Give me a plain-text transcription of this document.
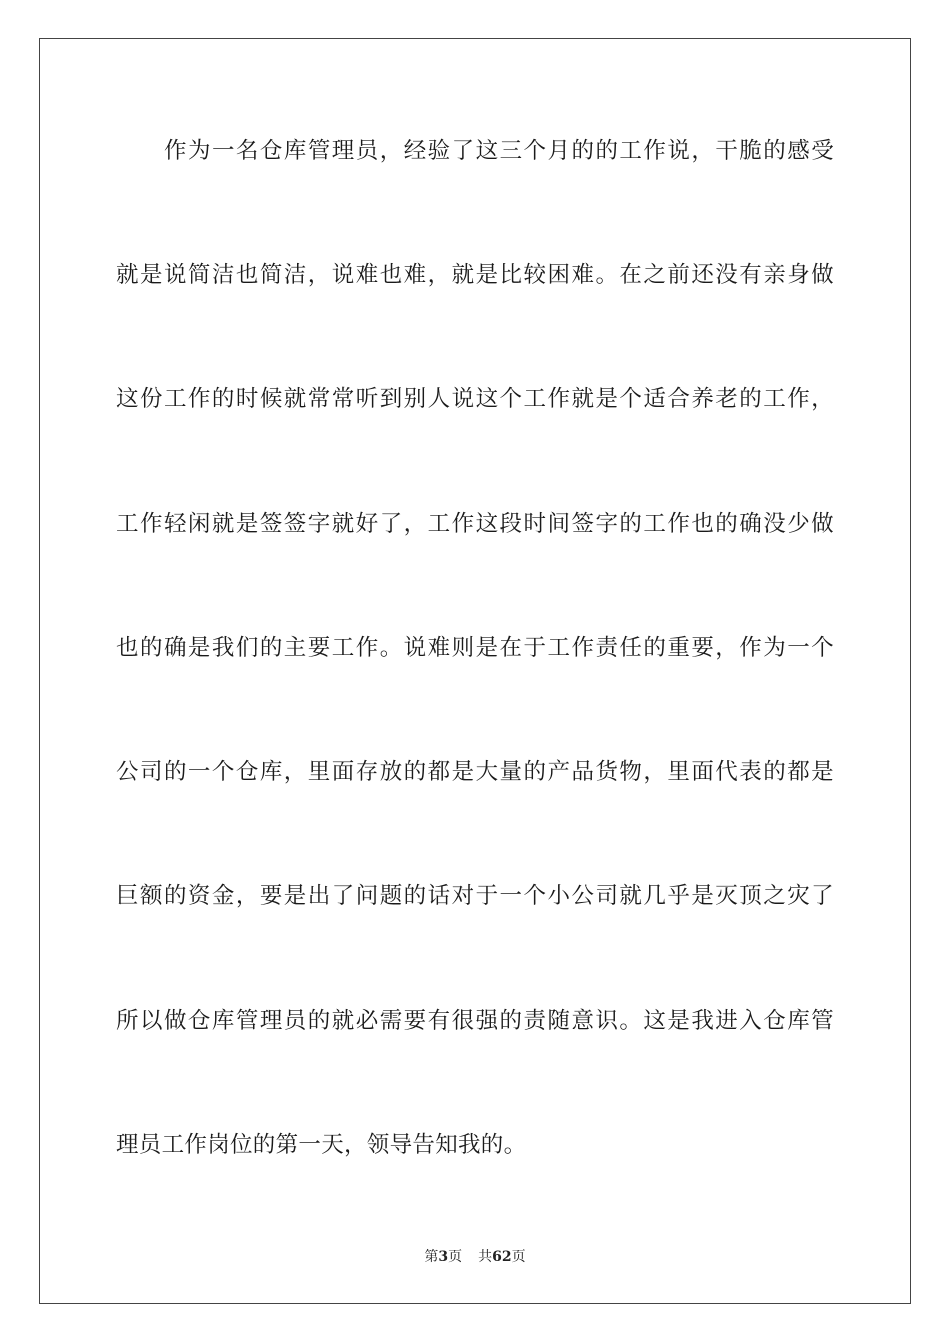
作为一名仓库管理员，经验了这三个月的的工作说，干脆的感受
就是说简洁也简洁，说难也难，就是比较困难。在之前还没有亲身做
这份工作的时候就常常听到别人说这个工作就是个适合养老的工作，
工作轻闲就是签签字就好了，工作这段时间签字的工作也的确没少做
也的确是我们的主要工作。说难则是在于工作责任的重要，作为一个
公司的一个仓库，里面存放的都是大量的产品货物，里面代表的都是
巨额的资金，要是出了问题的话对于一个小公司就几乎是灭顶之灾了
所以做仓库管理员的就必需要有很强的责随意识。这是我进入仓库管
理员工作岗位的第一天，领导告知我的。
第3页 共62页
